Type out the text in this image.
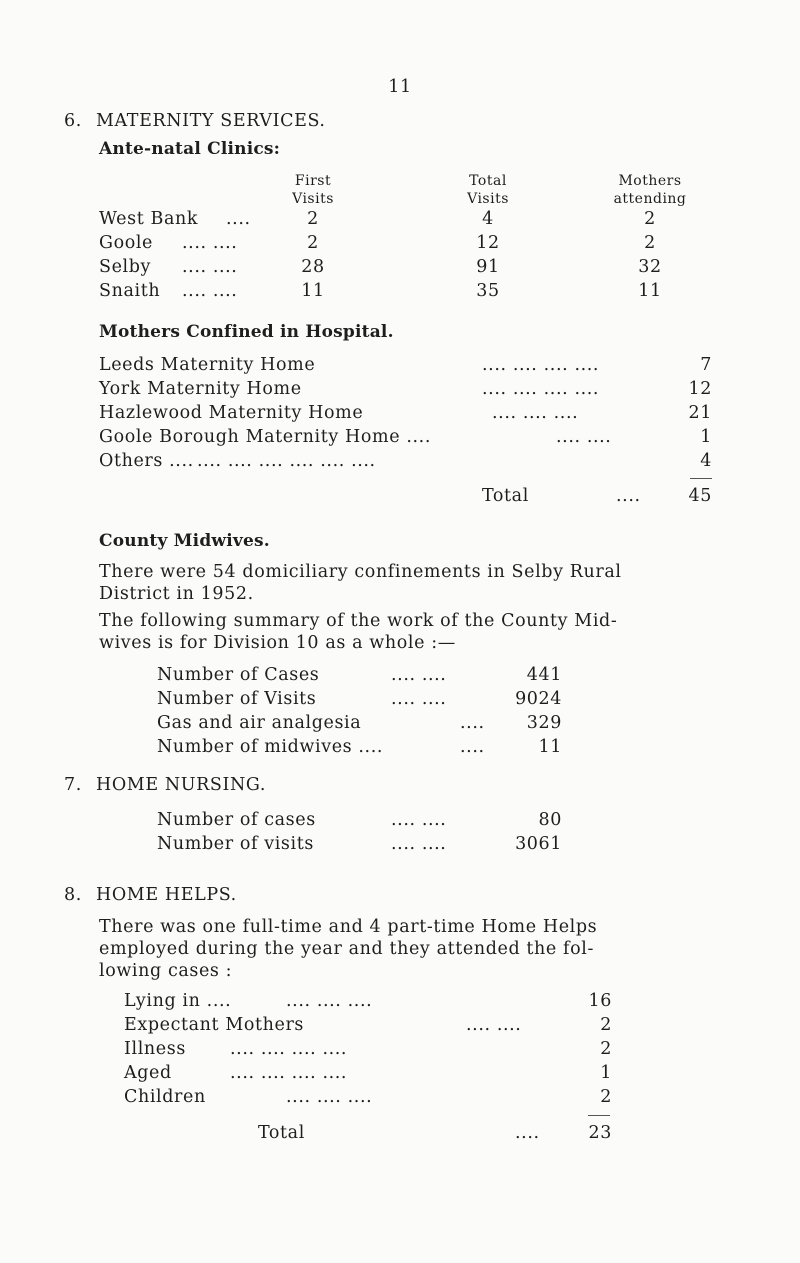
11
6. MATERNITY SERVICES.
Ante-natal Clinics:
First
Visits
Total
Visits
Mothers
attending
West Bank ....	2	4	2
Goole .... ....	2	12	2
Selby .... ....	28	91	32
Snaith .... ....	11	35	11
Mothers Confined in Hospital.
Leeds Maternity Home	.... .... .... ....	7
York Maternity Home	.... .... .... ....	12
Hazlewood Maternity Home	.... .... ....	21
Goole Borough Maternity Home ....	.... ....	1
Others .... .... .... .... .... .... ....	4
Total	....	45
County Midwives.
There were 54 domiciliary confinements in Selby Rural
District in 1952.
The following summary of the work of the County Mid-
wives is for Division 10 as a whole :—
Number of Cases	.... ....	441
Number of Visits	.... ....	9024
Gas and air analgesia	....	329
Number of midwives ....	....	11
7. HOME NURSING.
Number of cases	.... ....	80
Number of visits	.... ....	3061
8. HOME HELPS.
There was one full-time and 4 part-time Home Helps
employed during the year and they attended the fol-
lowing cases :
Lying in ....	.... .... ....	16
Expectant Mothers	.... ....	2
Illness	.... .... .... ....	2
Aged	.... .... .... ....	1
Children	.... .... ....	2
Total	....	23
